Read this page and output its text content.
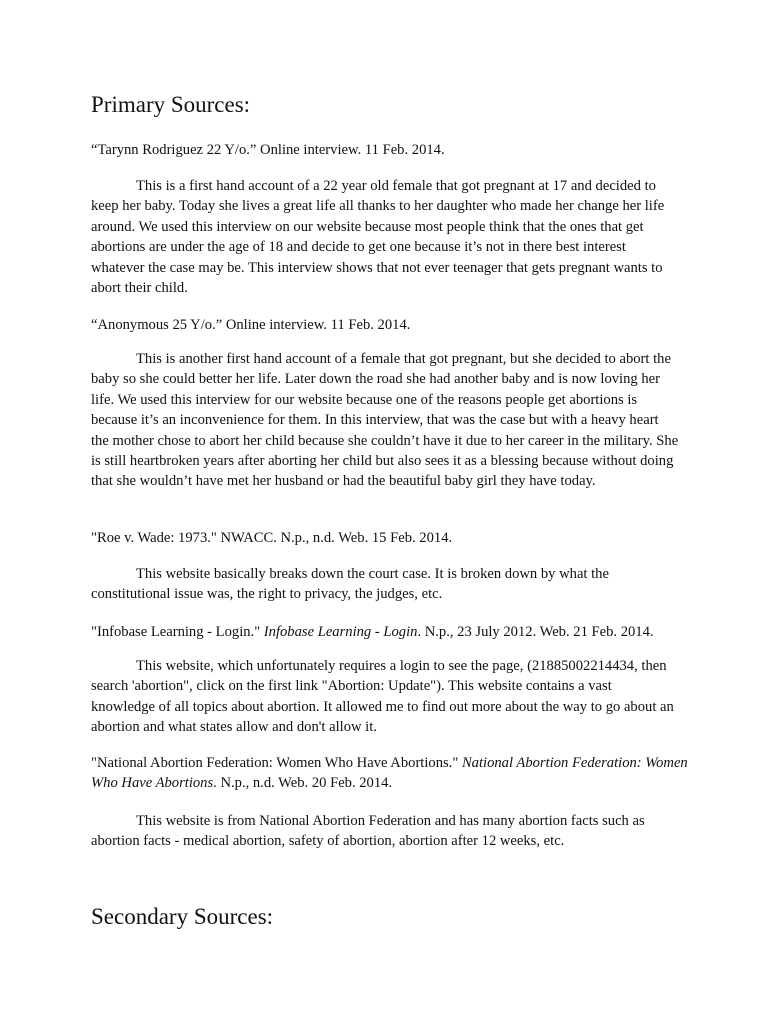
Primary Sources:

“Tarynn Rodriguez 22 Y/o.” Online interview. 11 Feb. 2014.

This is a first hand account of a 22 year old female that got pregnant at 17 and decided to keep her baby. Today she lives a great life all thanks to her daughter who made her change her life around. We used this interview on our website because most people think that the ones that get abortions are under the age of 18 and decide to get one because it’s not in there best interest whatever the case may be. This interview shows that not ever teenager that gets pregnant wants to abort their child.

“Anonymous 25 Y/o.” Online interview. 11 Feb. 2014.

This is another first hand account of a female that got pregnant, but she decided to abort the baby so she could better her life. Later down the road she had another baby and is now loving her life. We used this interview for our website because one of the reasons people get abortions is because it’s an inconvenience for them. In this interview, that was the case but with a heavy heart the mother chose to abort her child because she couldn’t have it due to her career in the military. She is still heartbroken years after aborting her child but also sees it as a blessing because without doing that she wouldn’t have met her husband or had the beautiful baby girl they have today.

"Roe v. Wade: 1973." NWACC. N.p., n.d. Web. 15 Feb. 2014.

This website basically breaks down the court case. It is broken down by what the constitutional issue was, the right to privacy, the judges, etc.

"Infobase Learning - Login." Infobase Learning - Login. N.p., 23 July 2012. Web. 21 Feb. 2014.

This website, which unfortunately requires a login to see the page, (21885002214434, then search 'abortion", click on the first link "Abortion: Update"). This website contains a vast knowledge of all topics about abortion. It allowed me to find out more about the way to go about an abortion and what states allow and don't allow it.

"National Abortion Federation: Women Who Have Abortions." National Abortion Federation: Women Who Have Abortions. N.p., n.d. Web. 20 Feb. 2014.

This website is from National Abortion Federation and has many abortion facts such as abortion facts - medical abortion, safety of abortion, abortion after 12 weeks, etc.

Secondary Sources:
